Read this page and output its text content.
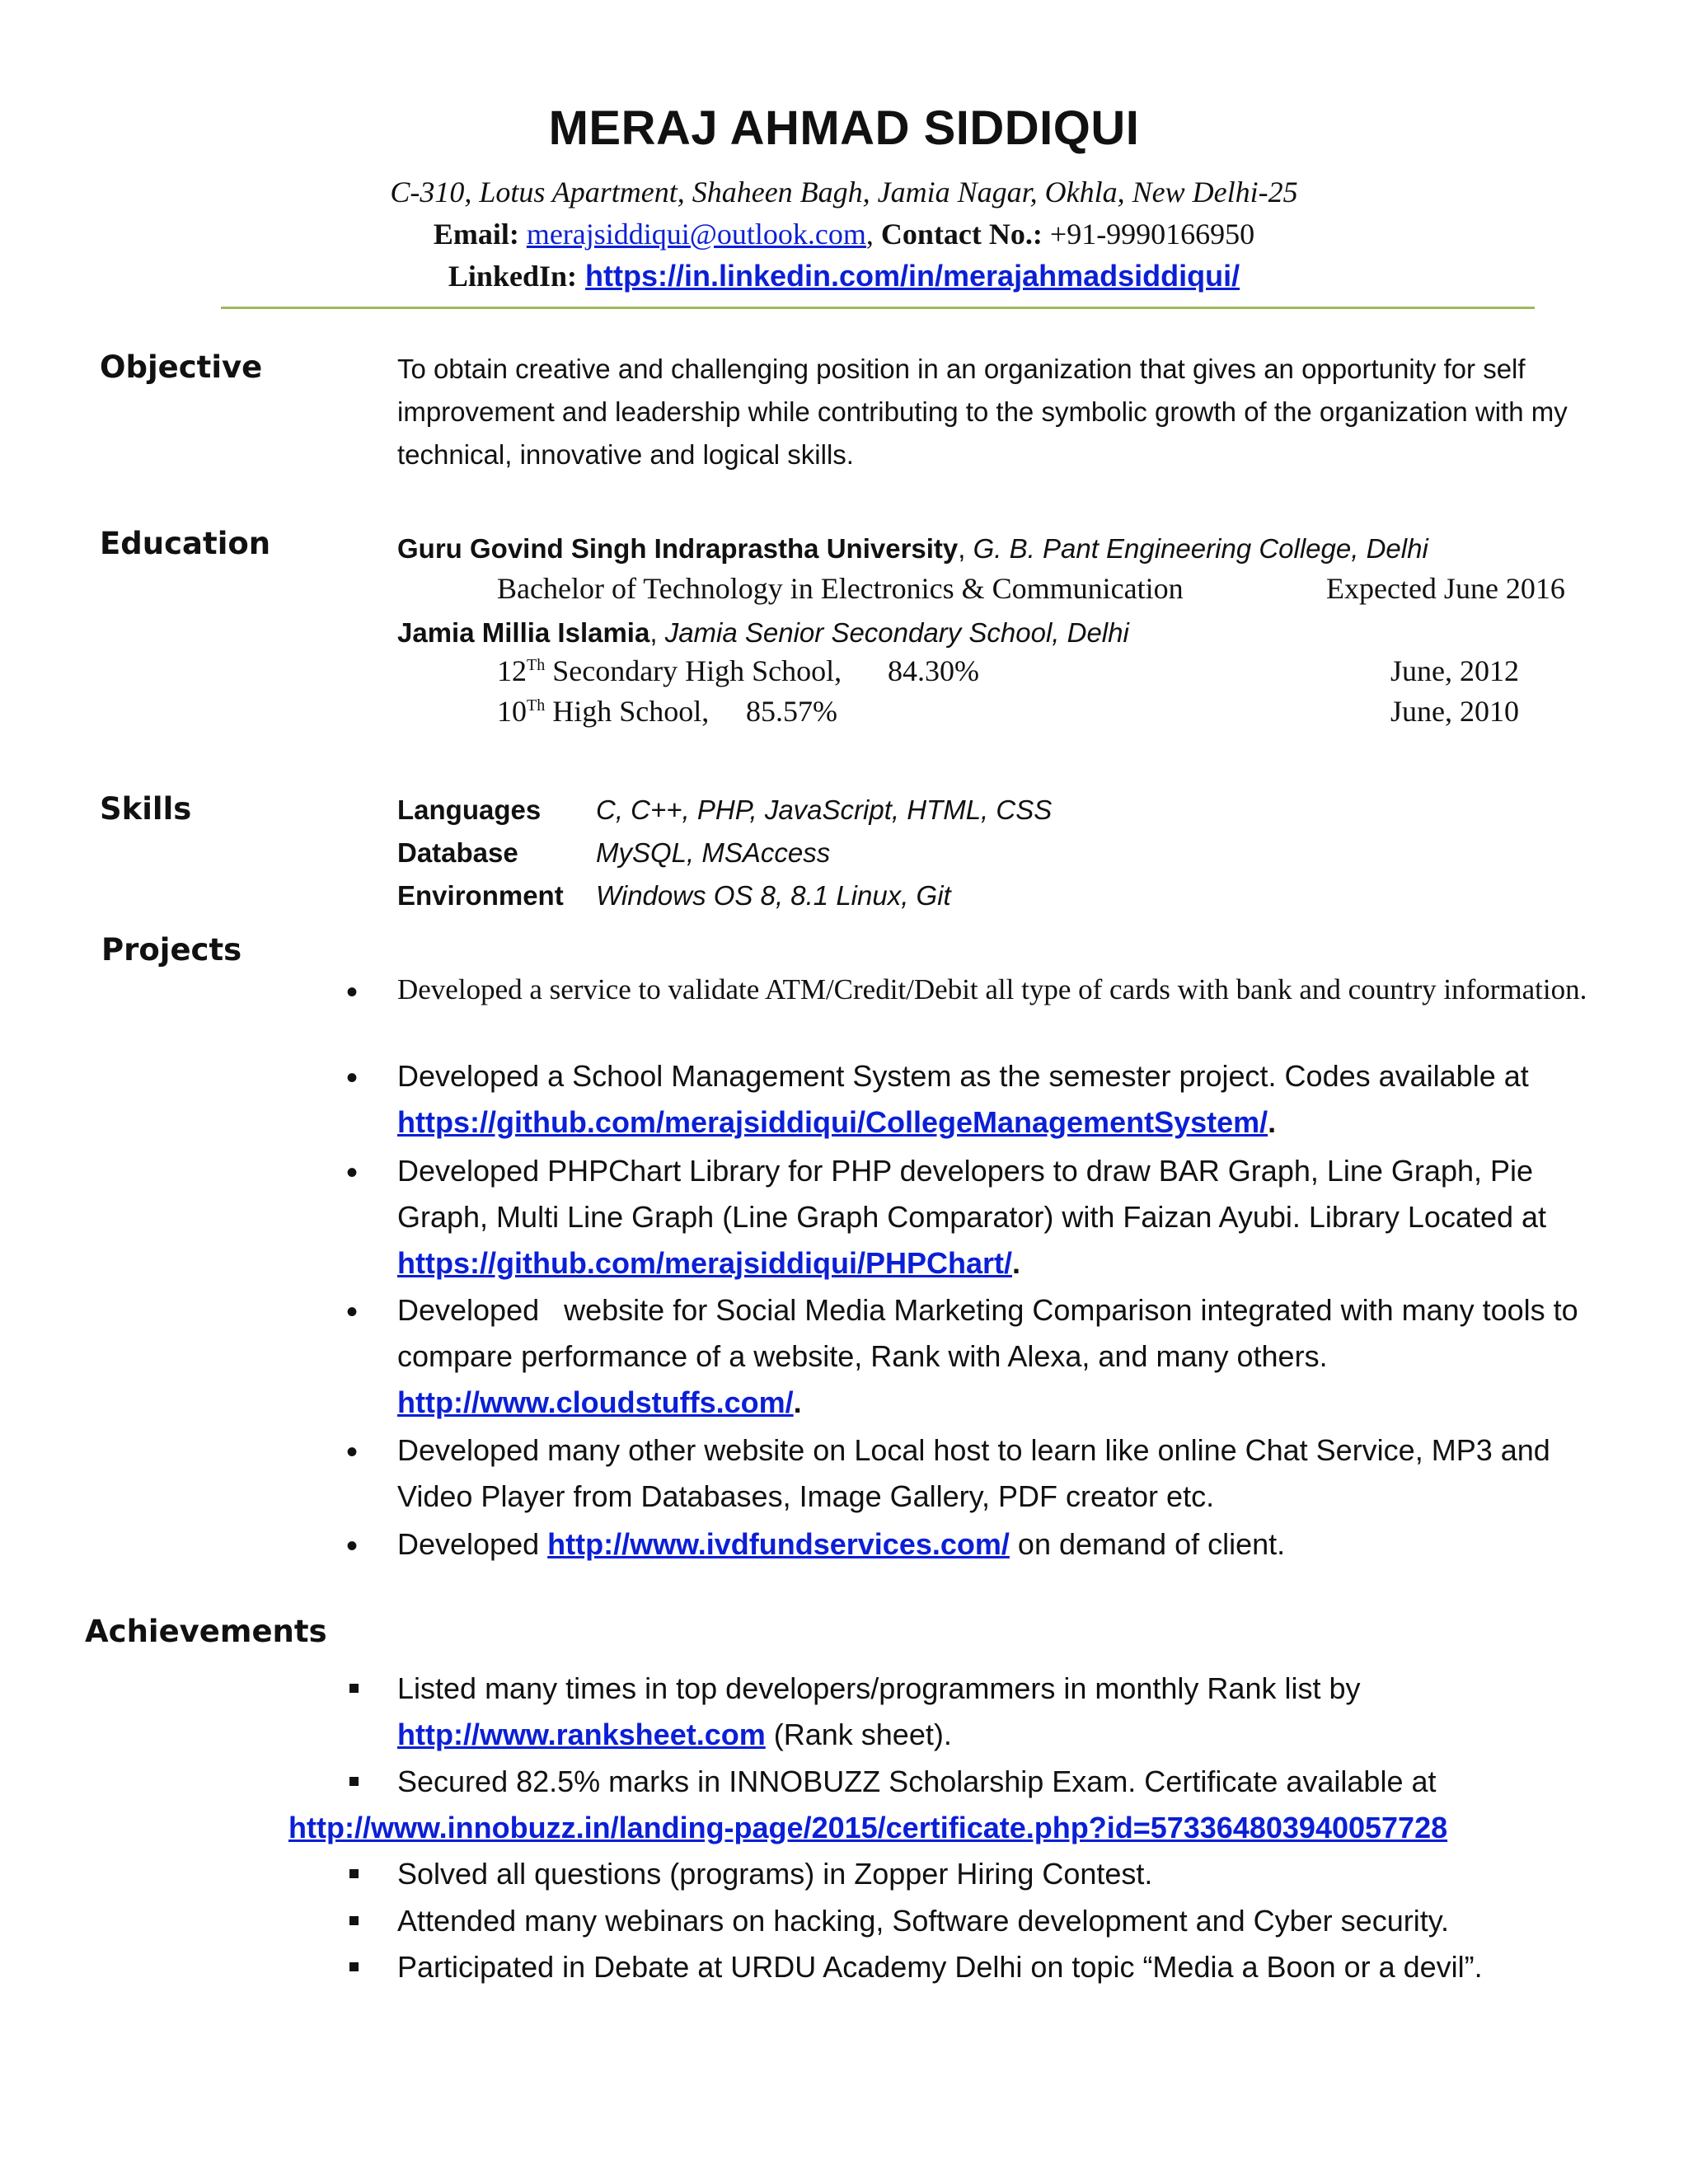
MERAJ AHMAD SIDDIQUI
C-310, Lotus Apartment, Shaheen Bagh, Jamia Nagar, Okhla, New Delhi-25
Email: merajsiddiqui@outlook.com, Contact No.: +91-9990166950
LinkedIn: https://in.linkedin.com/in/merajahmadsiddiqui/
Objective	To obtain creative and challenging position in an organization that gives an opportunity for self improvement and leadership while contributing to the symbolic growth of the organization with my technical, innovative and logical skills.
Education	Guru Govind Singh Indraprastha University, G. B. Pant Engineering College, Delhi
Bachelor of Technology in Electronics & Communication	Expected June 2016
Jamia Millia Islamia, Jamia Senior Secondary School, Delhi
12Th Secondary High School, 84.30%	June, 2012
10Th High School, 85.57%	June, 2010
Skills	Languages C, C++, PHP, JavaScript, HTML, CSS
Database	MySQL, MSAccess
Environment Windows OS 8, 8.1 Linux, Git
Projects
• Developed a service to validate ATM/Credit/Debit all type of cards with bank and country information.
• Developed a School Management System as the semester project. Codes available at
https://github.com/merajsiddiqui/CollegeManagementSystem/.
• Developed PHPChart Library for PHP developers to draw BAR Graph, Line Graph, Pie Graph, Multi Line Graph (Line Graph Comparator) with Faizan Ayubi. Library Located at
https://github.com/merajsiddiqui/PHPChart/.
• Developed   website for Social Media Marketing Comparison integrated with many tools to compare performance of a website, Rank with Alexa, and many others.
http://www.cloudstuffs.com/.
• Developed many other website on Local host to learn like online Chat Service, MP3 and Video Player from Databases, Image Gallery, PDF creator etc.
• Developed http://www.ivdfundservices.com/ on demand of client.
Achievements
Listed many times in top developers/programmers in monthly Rank list by
http://www.ranksheet.com (Rank sheet).
Secured 82.5% marks in INNOBUZZ Scholarship Exam. Certificate available at
http://www.innobuzz.in/landing-page/2015/certificate.php?id=573364803940057728
Solved all questions (programs) in Zopper Hiring Contest.
Attended many webinars on hacking, Software development and Cyber security.
Participated in Debate at URDU Academy Delhi on topic “Media a Boon or a devil”.
